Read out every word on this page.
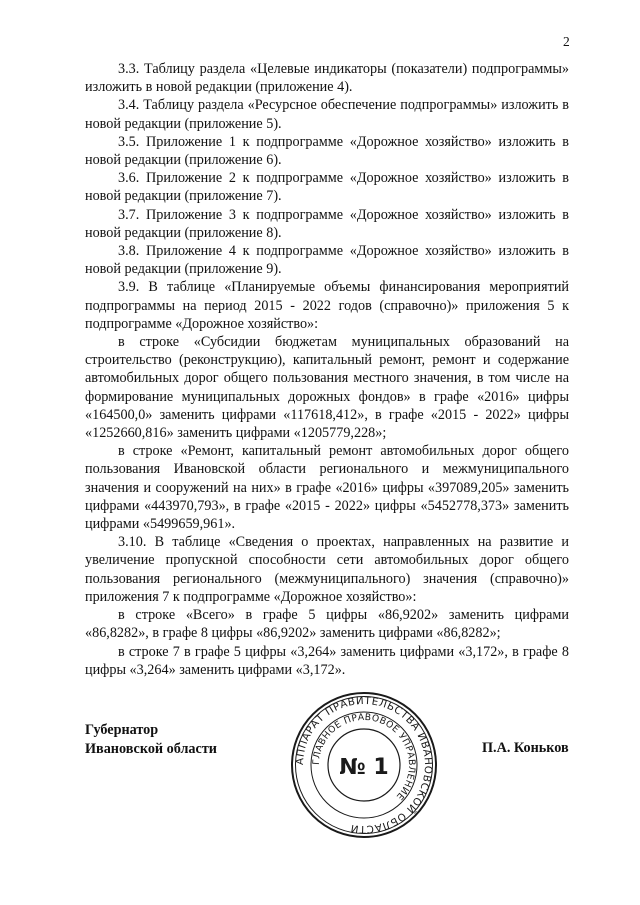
2

3.3. Таблицу раздела «Целевые индикаторы (показатели) подпрограммы» изложить в новой редакции (приложение 4).

3.4. Таблицу раздела «Ресурсное обеспечение подпрограммы» изложить в новой редакции (приложение 5).

3.5. Приложение 1 к подпрограмме «Дорожное хозяйство» изложить в новой редакции (приложение 6).

3.6. Приложение 2 к подпрограмме «Дорожное хозяйство» изложить в новой редакции (приложение 7).

3.7. Приложение 3 к подпрограмме «Дорожное хозяйство» изложить в новой редакции (приложение 8).

3.8. Приложение 4 к подпрограмме «Дорожное хозяйство» изложить в новой редакции (приложение 9).

3.9. В таблице «Планируемые объемы финансирования мероприятий подпрограммы на период 2015 - 2022 годов (справочно)» приложения 5 к подпрограмме «Дорожное хозяйство»:

в строке «Субсидии бюджетам муниципальных образований на строительство (реконструкцию), капитальный ремонт, ремонт и содержание автомобильных дорог общего пользования местного значения, в том числе на формирование муниципальных дорожных фондов» в графе «2016» цифры «164500,0» заменить цифрами «117618,412», в графе «2015 - 2022» цифры «1252660,816» заменить цифрами «1205779,228»;

в строке «Ремонт, капитальный ремонт автомобильных дорог общего пользования Ивановской области регионального и межмуниципального значения и сооружений на них» в графе «2016» цифры «397089,205» заменить цифрами «443970,793», в графе «2015 - 2022» цифры «5452778,373» заменить цифрами «5499659,961».

3.10. В таблице «Сведения о проектах, направленных на развитие и увеличение пропускной способности сети автомобильных дорог общего пользования регионального (межмуниципального) значения (справочно)» приложения 7 к подпрограмме «Дорожное хозяйство»:

в строке «Всего» в графе 5 цифры «86,9202» заменить цифрами «86,8282», в графе 8 цифры «86,9202» заменить цифрами «86,8282»;

в строке 7 в графе 5 цифры «3,264» заменить цифрами «3,172», в графе 8 цифры «3,264» заменить цифрами «3,172».

Губернатор
Ивановской области	П.А. Коньков
АППАРАТ ПРАВИТЕЛЬСТВА ИВАНОВСКОЙ ОБЛАСТИ
ГЛАВНОЕ ПРАВОВОЕ УПРАВЛЕНИЕ
№ 1
